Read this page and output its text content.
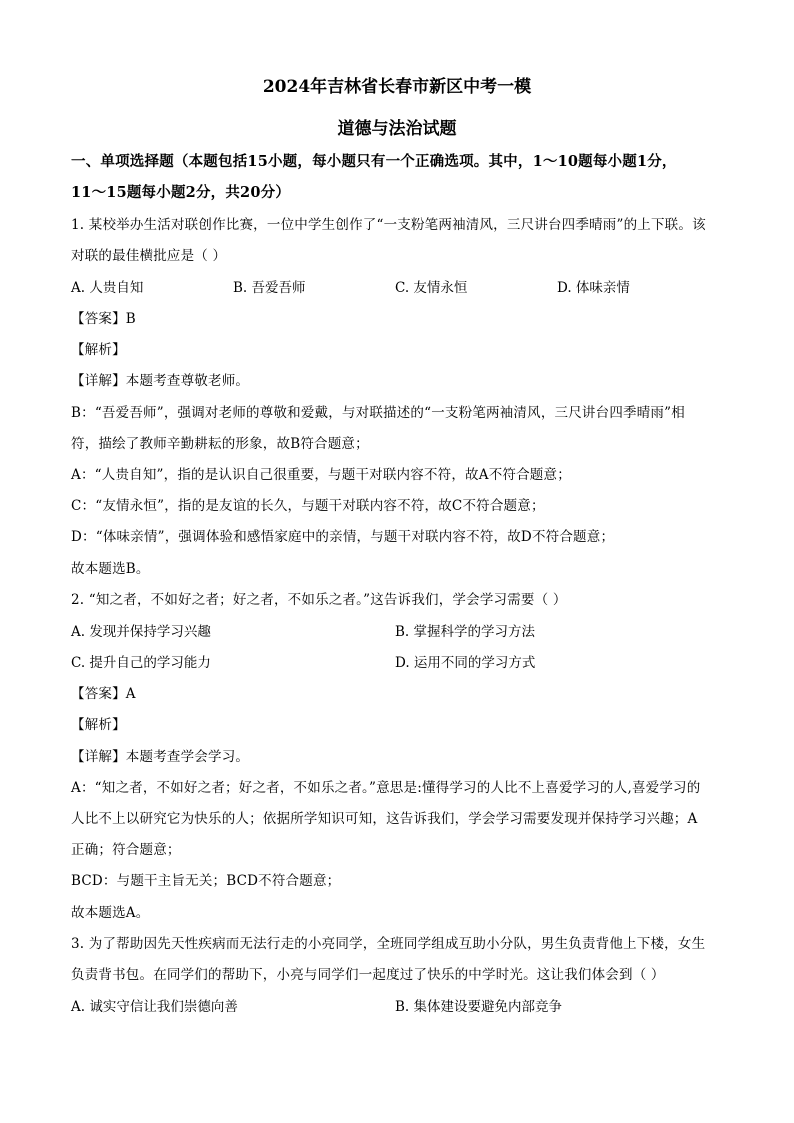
2024年吉林省长春市新区中考一模
道德与法治试题
一、单项选择题（本题包括15小题，每小题只有一个正确选项。其中，1～10题每小题1分，
11～15题每小题2分，共20分）
1. 某校举办生活对联创作比赛，一位中学生创作了“一支粉笔两袖清风，三尺讲台四季晴雨”的上下联。该
对联的最佳横批应是（ ）
A. 人贵自知	B. 吾爱吾师	C. 友情永恒	D. 体味亲情
【答案】B
【解析】
【详解】本题考查尊敬老师。
B：“吾爱吾师”，强调对老师的尊敬和爱戴，与对联描述的“一支粉笔两袖清风，三尺讲台四季晴雨”相
符，描绘了教师辛勤耕耘的形象，故B符合题意；
A：“人贵自知”，指的是认识自己很重要，与题干对联内容不符，故A不符合题意；
C：“友情永恒”，指的是友谊的长久，与题干对联内容不符，故C不符合题意；
D：“体味亲情”，强调体验和感悟家庭中的亲情，与题干对联内容不符，故D不符合题意；
故本题选B。
2. “知之者，不如好之者；好之者，不如乐之者。”这告诉我们，学会学习需要（ ）
A. 发现并保持学习兴趣	B. 掌握科学的学习方法
C. 提升自己的学习能力	D. 运用不同的学习方式
【答案】A
【解析】
【详解】本题考查学会学习。
A：“知之者，不如好之者；好之者，不如乐之者。”意思是:懂得学习的人比不上喜爱学习的人,喜爱学习的
人比不上以研究它为快乐的人；依据所学知识可知，这告诉我们，学会学习需要发现并保持学习兴趣；A
正确；符合题意；
BCD：与题干主旨无关；BCD不符合题意；
故本题选A。
3. 为了帮助因先天性疾病而无法行走的小亮同学，全班同学组成互助小分队，男生负责背他上下楼，女生
负责背书包。在同学们的帮助下，小亮与同学们一起度过了快乐的中学时光。这让我们体会到（ ）
A. 诚实守信让我们崇德向善	B. 集体建设要避免内部竞争
